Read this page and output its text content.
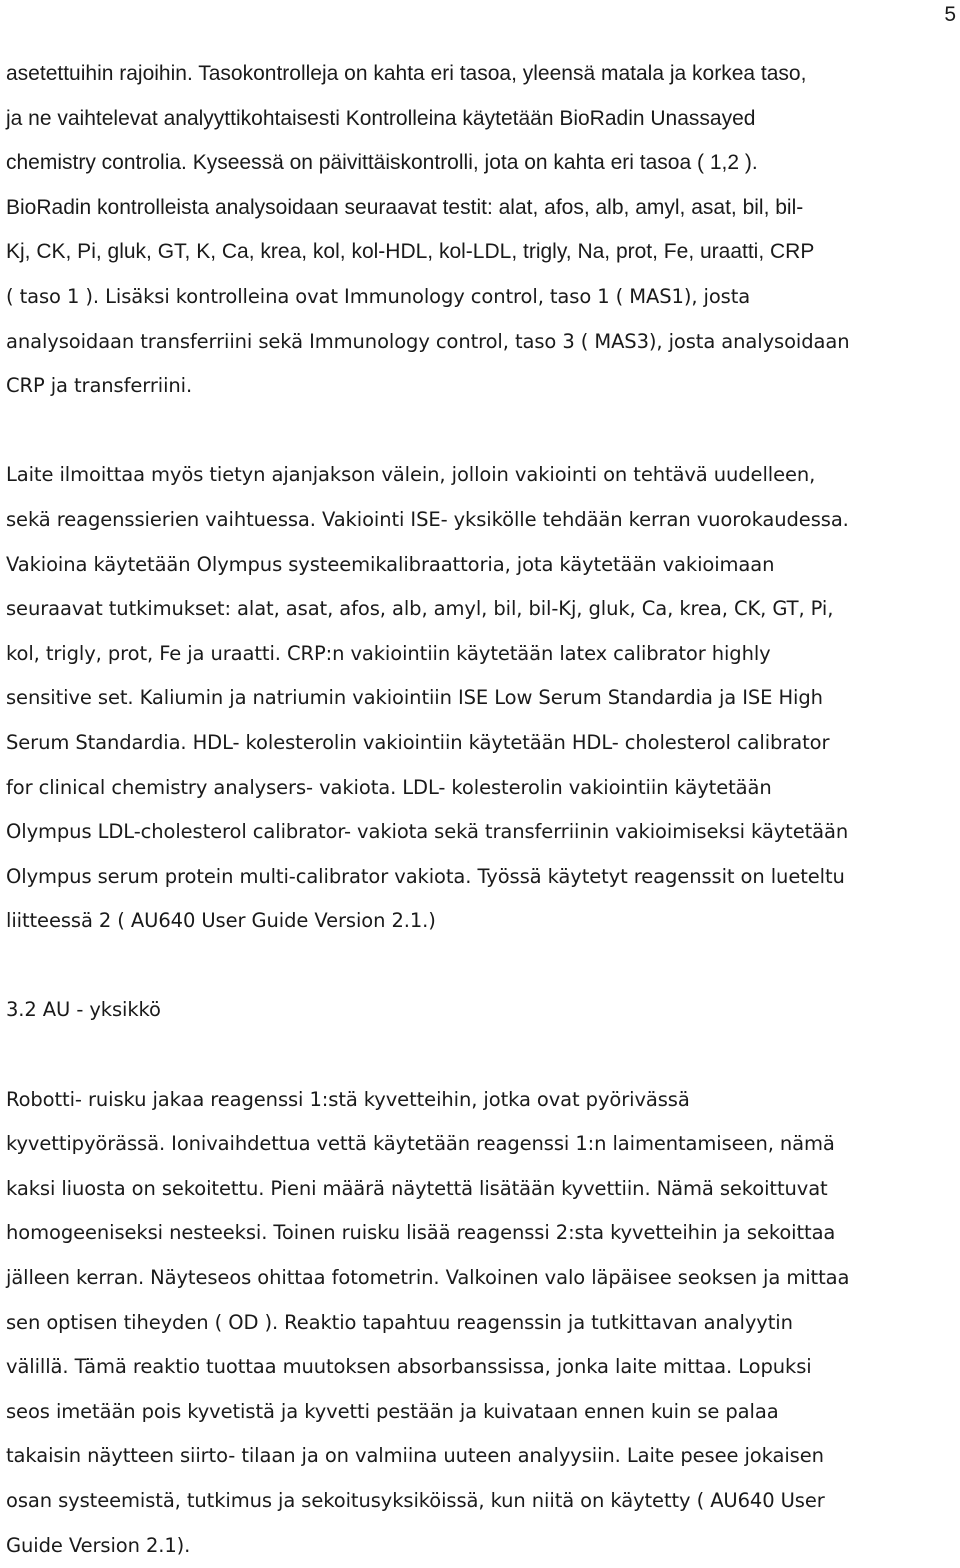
5

asetettuihin rajoihin. Tasokontrolleja on kahta eri tasoa, yleensä matala ja korkea taso,
ja ne vaihtelevat analyyttikohtaisesti Kontrolleina käytetään BioRadin Unassayed
chemistry controlia. Kyseessä on päivittäiskontrolli, jota on kahta eri tasoa ( 1,2 ).
BioRadin kontrolleista analysoidaan seuraavat testit: alat, afos, alb, amyl, asat, bil, bil-
Kj, CK, Pi, gluk, GT, K, Ca, krea, kol, kol-HDL, kol-LDL, trigly, Na, prot, Fe, uraatti, CRP
( taso 1 ). Lisäksi kontrolleina ovat Immunology control, taso 1 ( MAS1), josta
analysoidaan transferriini sekä Immunology control, taso 3 ( MAS3), josta analysoidaan
CRP ja transferriini.

Laite ilmoittaa myös tietyn ajanjakson välein, jolloin vakiointi on tehtävä uudelleen,
sekä reagenssierien vaihtuessa. Vakiointi ISE- yksikölle tehdään kerran vuorokaudessa.
Vakioina käytetään Olympus systeemikalibraattoria, jota käytetään vakioimaan
seuraavat tutkimukset: alat, asat, afos, alb, amyl, bil, bil-Kj, gluk, Ca, krea, CK, GT, Pi,
kol, trigly, prot, Fe ja uraatti. CRP:n vakiointiin käytetään latex calibrator highly
sensitive set. Kaliumin ja natriumin vakiointiin ISE Low Serum Standardia ja ISE High
Serum Standardia. HDL- kolesterolin vakiointiin käytetään HDL- cholesterol calibrator
for clinical chemistry analysers- vakiota. LDL- kolesterolin vakiointiin käytetään
Olympus LDL-cholesterol calibrator- vakiota sekä transferriinin vakioimiseksi käytetään
Olympus serum protein multi-calibrator vakiota. Työssä käytetyt reagenssit on lueteltu
liitteessä 2 ( AU640 User Guide Version 2.1.)

3.2 AU - yksikkö

Robotti- ruisku jakaa reagenssi 1:stä kyvetteihin, jotka ovat pyörivässä
kyvettipyörässä. Ionivaihdettua vettä käytetään reagenssi 1:n laimentamiseen, nämä
kaksi liuosta on sekoitettu. Pieni määrä näytettä lisätään kyvettiin. Nämä sekoittuvat
homogeeniseksi nesteeksi. Toinen ruisku lisää reagenssi 2:sta kyvetteihin ja sekoittaa
jälleen kerran. Näyteseos ohittaa fotometrin. Valkoinen valo läpäisee seoksen ja mittaa
sen optisen tiheyden ( OD ). Reaktio tapahtuu reagenssin ja tutkittavan analyytin
välillä. Tämä reaktio tuottaa muutoksen absorbanssissa, jonka laite mittaa. Lopuksi
seos imetään pois kyvetistä ja kyvetti pestään ja kuivataan ennen kuin se palaa
takaisin näytteen siirto- tilaan ja on valmiina uuteen analyysiin. Laite pesee jokaisen
osan systeemistä, tutkimus ja sekoitusyksiköissä, kun niitä on käytetty ( AU640 User
Guide Version 2.1).
